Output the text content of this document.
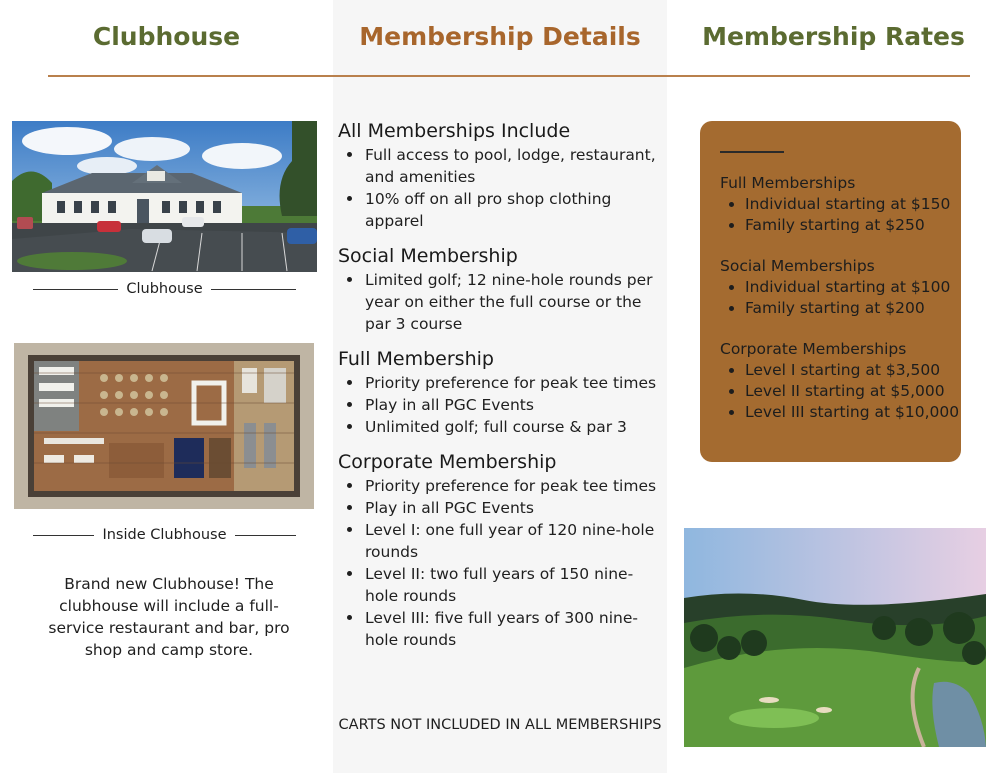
Clubhouse	Membership Details	Membership Rates
Clubhouse
Inside Clubhouse

Brand new Clubhouse! The clubhouse will include a full-service restaurant and bar, pro shop and camp store.

All Memberships Include
Full access to pool, lodge, restaurant, and amenities
10% off on all pro shop clothing apparel
Social Membership
Limited golf; 12 nine-hole rounds per year on either the full course or the par 3 course
Full Membership
Priority preference for peak tee times
Play in all PGC Events
Unlimited golf; full course & par 3
Corporate Membership
Priority preference for peak tee times
Play in all PGC Events
Level I: one full year of 120 nine-hole rounds
Level II: two full years of 150 nine-hole rounds
Level III: five full years of 300 nine-hole rounds
CARTS NOT INCLUDED IN ALL MEMBERSHIPS
Full Memberships
Individual starting at $150
Family starting at $250
Social Memberships
Individual starting at $100
Family starting at $200
Corporate Memberships
Level I starting at $3,500
Level II starting at $5,000
Level III starting at $10,000
